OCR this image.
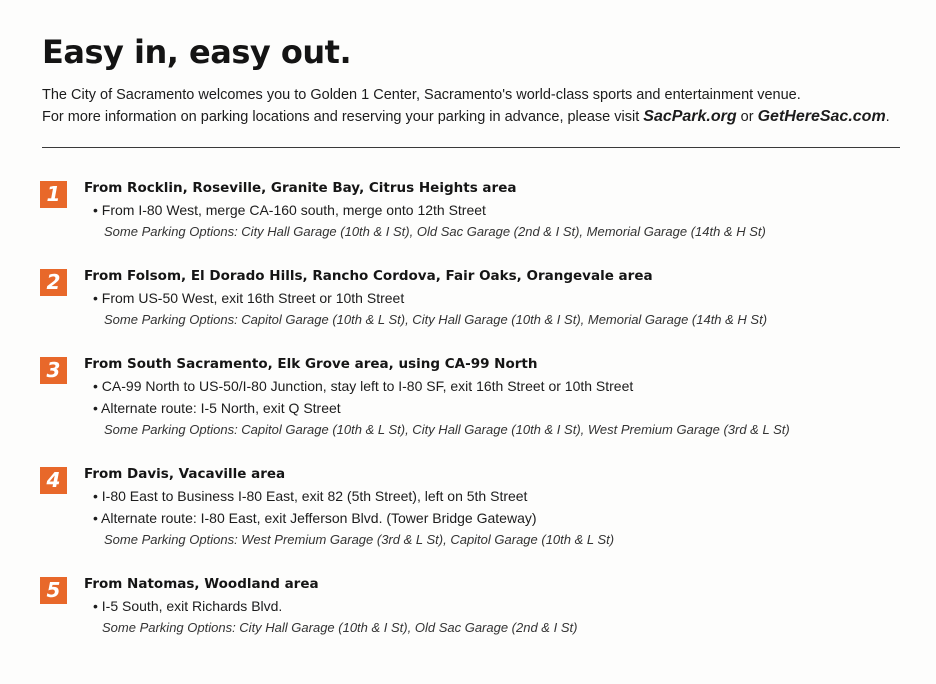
Easy in, easy out.
The City of Sacramento welcomes you to Golden 1 Center, Sacramento's world-class sports and entertainment venue.
For more information on parking locations and reserving your parking in advance, please visit SacPark.org or GetHereSac.com.
1	From Rocklin, Roseville, Granite Bay, Citrus Heights area
• From I-80 West, merge CA-160 south, merge onto 12th Street
Some Parking Options: City Hall Garage (10th & I St), Old Sac Garage (2nd & I St), Memorial Garage (14th & H St)
2	From Folsom, El Dorado Hills, Rancho Cordova, Fair Oaks, Orangevale area
• From US-50 West, exit 16th Street or 10th Street
Some Parking Options: Capitol Garage (10th & L St), City Hall Garage (10th & I St), Memorial Garage (14th & H St)
3	From South Sacramento, Elk Grove area, using CA-99 North
• CA-99 North to US-50/I-80 Junction, stay left to I-80 SF, exit 16th Street or 10th Street
• Alternate route: I-5 North, exit Q Street
Some Parking Options: Capitol Garage (10th & L St), City Hall Garage (10th & I St), West Premium Garage (3rd & L St)
4	From Davis, Vacaville area
• I-80 East to Business I-80 East, exit 82 (5th Street), left on 5th Street
• Alternate route: I-80 East, exit Jefferson Blvd. (Tower Bridge Gateway)
Some Parking Options: West Premium Garage (3rd & L St), Capitol Garage (10th & L St)
5	From Natomas, Woodland area
• I-5 South, exit Richards Blvd.
Some Parking Options: City Hall Garage (10th & I St), Old Sac Garage (2nd & I St)
